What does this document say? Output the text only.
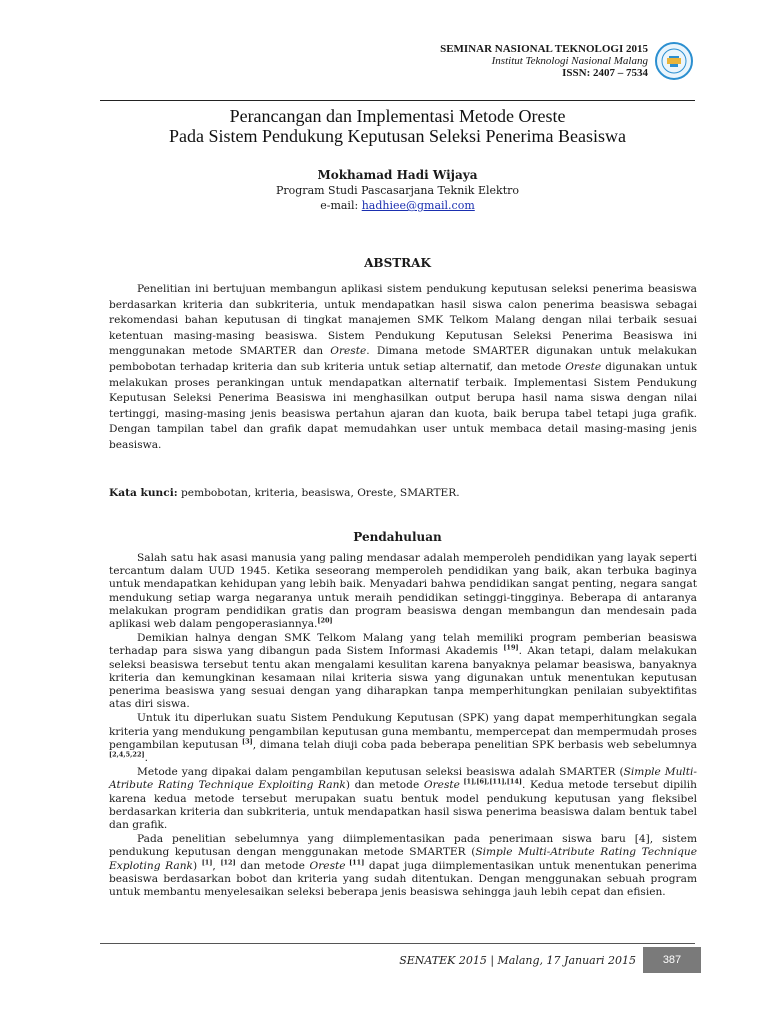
SEMINAR NASIONAL TEKNOLOGI 2015
Institut Teknologi Nasional Malang
ISSN: 2407 – 7534
Perancangan dan Implementasi Metode Oreste
Pada Sistem Pendukung Keputusan Seleksi Penerima Beasiswa
Mokhamad Hadi Wijaya
Program Studi Pascasarjana Teknik Elektro
e-mail: hadhiee@gmail.com
ABSTRAK

Penelitian ini bertujuan membangun aplikasi sistem pendukung keputusan seleksi penerima beasiswa berdasarkan kriteria dan subkriteria, untuk mendapatkan hasil siswa calon penerima beasiswa sebagai rekomendasi bahan keputusan di tingkat manajemen SMK Telkom Malang dengan nilai terbaik sesuai ketentuan masing-masing beasiswa. Sistem Pendukung Keputusan Seleksi Penerima Beasiswa ini menggunakan metode SMARTER dan Oreste. Dimana metode SMARTER digunakan untuk melakukan pembobotan terhadap kriteria dan sub kriteria untuk setiap alternatif, dan metode Oreste digunakan untuk melakukan proses perankingan untuk mendapatkan alternatif terbaik. Implementasi Sistem Pendukung Keputusan Seleksi Penerima Beasiswa ini menghasilkan output berupa hasil nama siswa dengan nilai tertinggi, masing-masing jenis beasiswa pertahun ajaran dan kuota, baik berupa tabel tetapi juga grafik. Dengan tampilan tabel dan grafik dapat memudahkan user untuk membaca detail masing-masing jenis beasiswa.

Kata kunci: pembobotan, kriteria, beasiswa, Oreste, SMARTER.
Pendahuluan

Salah satu hak asasi manusia yang paling mendasar adalah memperoleh pendidikan yang layak seperti tercantum dalam UUD 1945. Ketika seseorang memperoleh pendidikan yang baik, akan terbuka baginya untuk mendapatkan kehidupan yang lebih baik. Menyadari bahwa pendidikan sangat penting, negara sangat mendukung setiap warga negaranya untuk meraih pendidikan setinggi-tingginya. Beberapa di antaranya melakukan program pendidikan gratis dan program beasiswa dengan membangun dan mendesain pada aplikasi web dalam pengoperasiannya.[20]

Demikian halnya dengan SMK Telkom Malang yang telah memiliki program pemberian beasiswa terhadap para siswa yang dibangun pada Sistem Informasi Akademis [19]. Akan tetapi, dalam melakukan seleksi beasiswa tersebut tentu akan mengalami kesulitan karena banyaknya pelamar beasiswa, banyaknya kriteria dan kemungkinan kesamaan nilai kriteria siswa yang digunakan untuk menentukan keputusan penerima beasiswa yang sesuai dengan yang diharapkan tanpa memperhitungkan penilaian subyektifitas atas diri siswa.

Untuk itu diperlukan suatu Sistem Pendukung Keputusan (SPK) yang dapat memperhitungkan segala kriteria yang mendukung pengambilan keputusan guna membantu, mempercepat dan mempermudah proses pengambilan keputusan [3], dimana telah diuji coba pada beberapa penelitian SPK berbasis web sebelumnya [2,4,5,22].

Metode yang dipakai dalam pengambilan keputusan seleksi beasiswa adalah SMARTER (Simple Multi-Atribute Rating Technique Exploiting Rank) dan metode Oreste [1],[6],[11],[14]. Kedua metode tersebut dipilih karena kedua metode tersebut merupakan suatu bentuk model pendukung keputusan yang fleksibel berdasarkan kriteria dan subkriteria, untuk mendapatkan hasil siswa penerima beasiswa dalam bentuk tabel dan grafik.

Pada penelitian sebelumnya yang diimplementasikan pada penerimaan siswa baru [4], sistem pendukung keputusan dengan menggunakan metode SMARTER (Simple Multi-Atribute Rating Technique Exploting Rank) [1], [12] dan metode Oreste [11] dapat juga diimplementasikan untuk menentukan penerima beasiswa berdasarkan bobot dan kriteria yang sudah ditentukan. Dengan menggunakan sebuah program untuk membantu menyelesaikan seleksi beberapa jenis beasiswa sehingga jauh lebih cepat dan efisien.

SENATEK 2015 | Malang, 17 Januari 2015	387
